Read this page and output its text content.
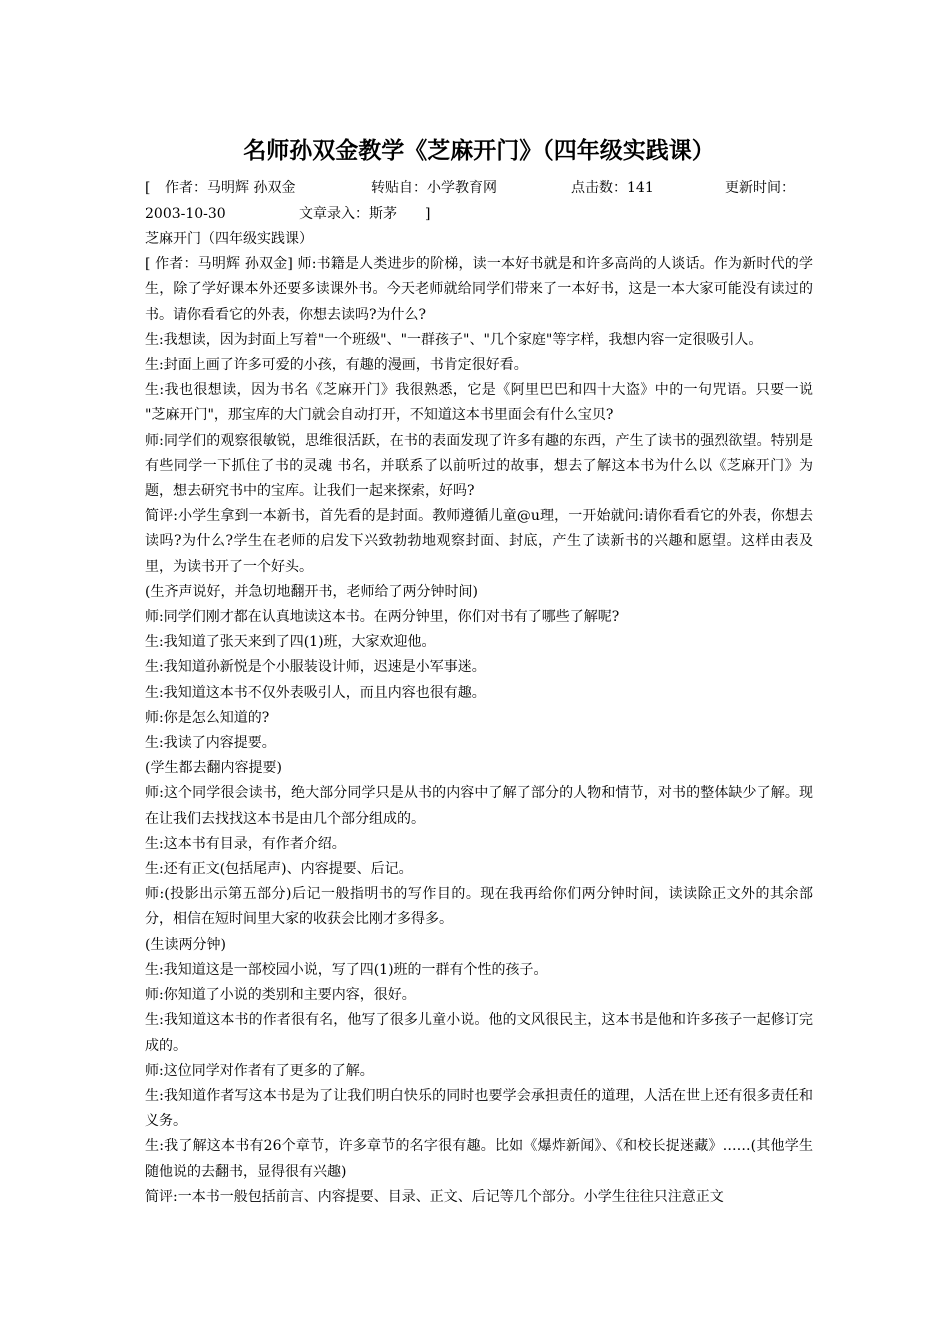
名师孙双金教学《芝麻开门》（四年级实践课）
[ 作者：马明辉 孙双金	转贴自：小学教育网	点击数：141	更新时间：
2003-10-30	文章录入：斯茅 ]

芝麻开门（四年级实践课）

[ 作者：马明辉 孙双金] 师:书籍是人类进步的阶梯，读一本好书就是和许多高尚的人谈话。作为新时代的学生，除了学好课本外还要多读课外书。今天老师就给同学们带来了一本好书，这是一本大家可能没有读过的书。请你看看它的外表，你想去读吗?为什么?

生:我想读，因为封面上写着"一个班级"、"一群孩子"、"几个家庭"等字样，我想内容一定很吸引人。

生:封面上画了许多可爱的小孩，有趣的漫画，书肯定很好看。

生:我也很想读，因为书名《芝麻开门》我很熟悉，它是《阿里巴巴和四十大盗》中的一句咒语。只要一说 "芝麻开门"，那宝库的大门就会自动打开，不知道这本书里面会有什么宝贝?

师:同学们的观察很敏锐，思维很活跃，在书的表面发现了许多有趣的东西，产生了读书的强烈欲望。特别是有些同学一下抓住了书的灵魂 书名，并联系了以前听过的故事，想去了解这本书为什么以《芝麻开门》为题，想去研究书中的宝库。让我们一起来探索，好吗?

简评:小学生拿到一本新书，首先看的是封面。教师遵循儿童@u理，一开始就问:请你看看它的外表，你想去读吗?为什么?学生在老师的启发下兴致勃勃地观察封面、封底，产生了读新书的兴趣和愿望。这样由表及里，为读书开了一个好头。

(生齐声说好，并急切地翻开书，老师给了两分钟时间)

师:同学们刚才都在认真地读这本书。在两分钟里，你们对书有了哪些了解呢?

生:我知道了张天来到了四(1)班，大家欢迎他。

生:我知道孙新悦是个小服装设计师，迟速是小军事迷。

生:我知道这本书不仅外表吸引人，而且内容也很有趣。

师:你是怎么知道的?

生:我读了内容提要。

(学生都去翻内容提要)

师:这个同学很会读书，绝大部分同学只是从书的内容中了解了部分的人物和情节，对书的整体缺少了解。现在让我们去找找这本书是由几个部分组成的。

生:这本书有目录，有作者介绍。

生:还有正文(包括尾声)、内容提要、后记。

师:(投影出示第五部分)后记一般指明书的写作目的。现在我再给你们两分钟时间，读读除正文外的其余部分，相信在短时间里大家的收获会比刚才多得多。

(生读两分钟)

生:我知道这是一部校园小说，写了四(1)班的一群有个性的孩子。

师:你知道了小说的类别和主要内容，很好。

生:我知道这本书的作者很有名，他写了很多儿童小说。他的文风很民主，这本书是他和许多孩子一起修订完成的。

师:这位同学对作者有了更多的了解。

生:我知道作者写这本书是为了让我们明白快乐的同时也要学会承担责任的道理，人活在世上还有很多责任和义务。

生:我了解这本书有26个章节，许多章节的名字很有趣。比如《爆炸新闻》、《和校长捉迷藏》……(其他学生随他说的去翻书，显得很有兴趣)

简评:一本书一般包括前言、内容提要、目录、正文、后记等几个部分。小学生往往只注意正文
